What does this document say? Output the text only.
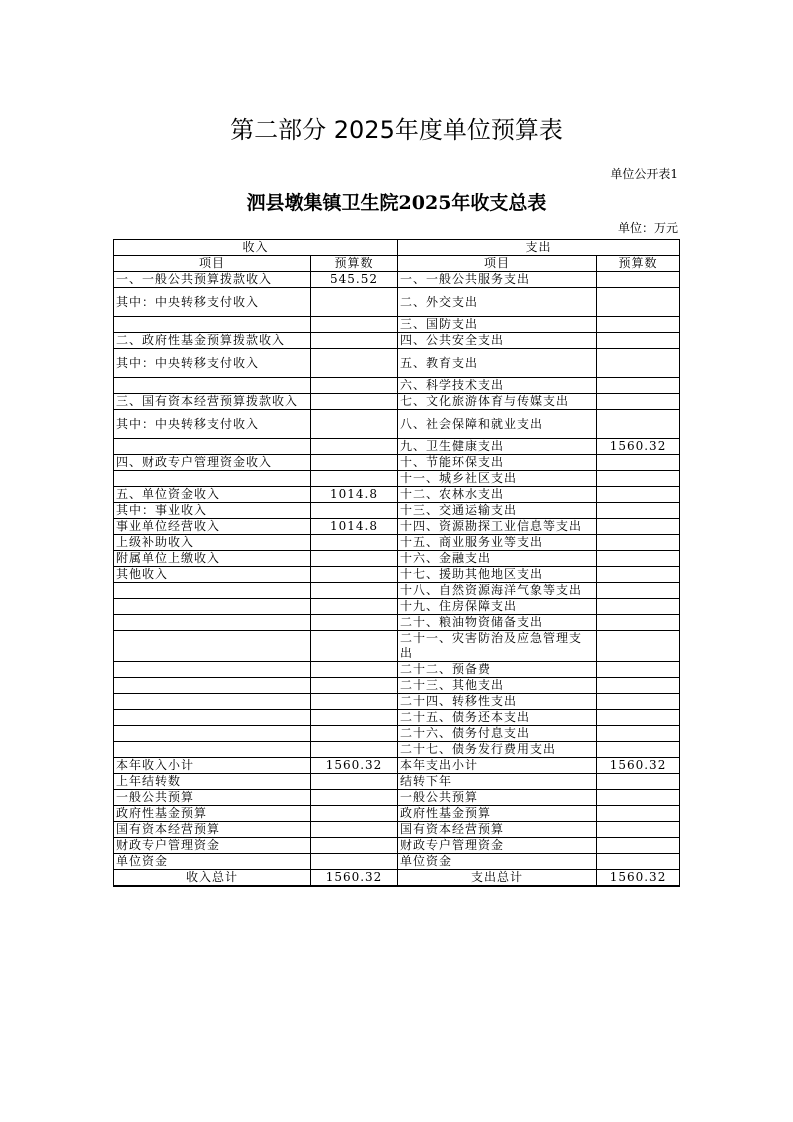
第二部分 2025年度单位预算表
单位公开表1
泗县墩集镇卫生院2025年收支总表
单位：万元
收入		支出	
项目	预算数	项目	预算数
一、一般公共预算拨款收入	545.52	一、一般公共服务支出	
其中：中央转移支付收入		二、外交支出	
		三、国防支出	
二、政府性基金预算拨款收入		四、公共安全支出	
其中：中央转移支付收入		五、教育支出	
		六、科学技术支出	
三、国有资本经营预算拨款收入		七、文化旅游体育与传媒支出	
其中：中央转移支付收入		八、社会保障和就业支出	
		九、卫生健康支出	1560.32
四、财政专户管理资金收入		十、节能环保支出	
		十一、城乡社区支出	
五、单位资金收入	1014.8	十二、农林水支出	
其中：事业收入		十三、交通运输支出	
事业单位经营收入	1014.8	十四、资源勘探工业信息等支出	
上级补助收入		十五、商业服务业等支出	
附属单位上缴收入		十六、金融支出	
其他收入		十七、援助其他地区支出	
		十八、自然资源海洋气象等支出	
		十九、住房保障支出	
		二十、粮油物资储备支出	
		二十一、灾害防治及应急管理支出	
		二十二、预备费	
		二十三、其他支出	
		二十四、转移性支出	
		二十五、债务还本支出	
		二十六、债务付息支出	
		二十七、债务发行费用支出	
本年收入小计	1560.32	本年支出小计	1560.32
上年结转数		结转下年	
一般公共预算		一般公共预算	
政府性基金预算		政府性基金预算	
国有资本经营预算		国有资本经营预算	
财政专户管理资金		财政专户管理资金	
单位资金		单位资金	
收入总计	1560.32	支出总计	1560.32
